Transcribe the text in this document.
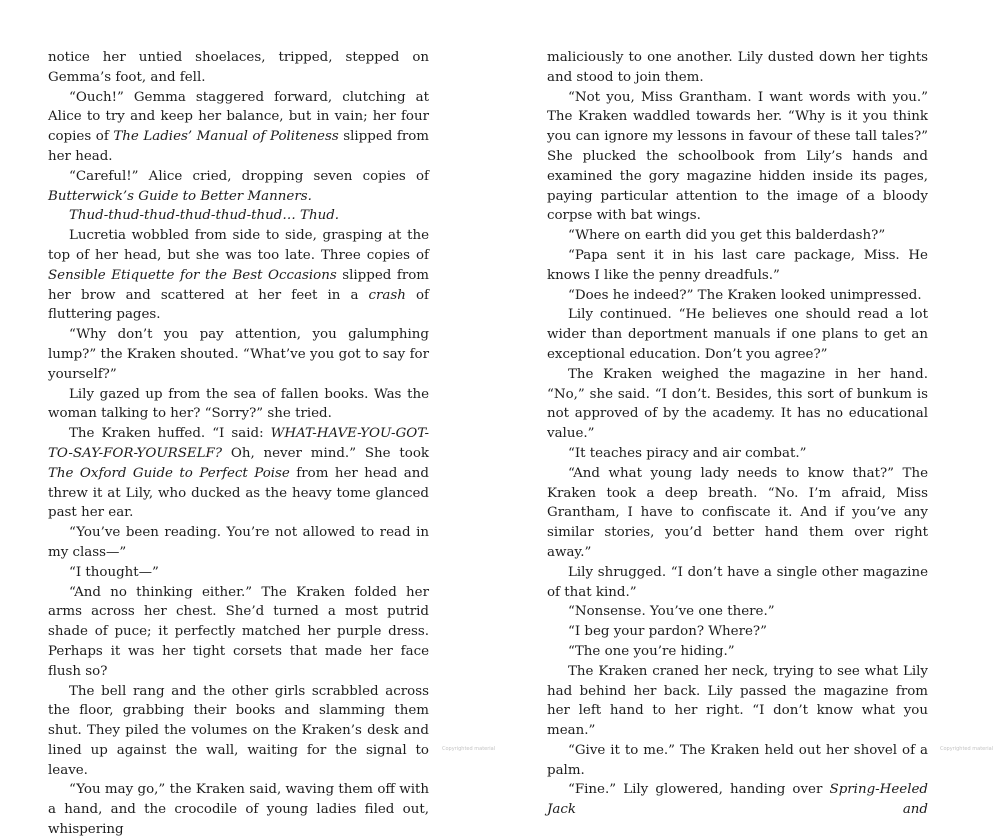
notice her untied shoelaces, tripped, stepped on Gemma’s foot, and fell.

“Ouch!” Gemma staggered forward, clutching at Alice to try and keep her balance, but in vain; her four copies of The Ladies’ Manual of Politeness slipped from her head.

“Careful!” Alice cried, dropping seven copies of Butterwick’s Guide to Better Manners.

Thud-thud-thud-thud-thud-thud… Thud.

Lucretia wobbled from side to side, grasping at the top of her head, but she was too late. Three copies of Sensible Etiquette for the Best Occasions slipped from her brow and scattered at her feet in a crash of fluttering pages.

“Why don’t you pay attention, you galumphing lump?” the Kraken shouted. “What’ve you got to say for yourself?”

Lily gazed up from the sea of fallen books. Was the woman talking to her? “Sorry?” she tried.

The Kraken huffed. “I said: WHAT-HAVE-YOU-GOT-TO-SAY-FOR-YOURSELF? Oh, never mind.” She took The Oxford Guide to Perfect Poise from her head and threw it at Lily, who ducked as the heavy tome glanced past her ear.

“You’ve been reading. You’re not allowed to read in my class—”

“I thought—”

“And no thinking either.” The Kraken folded her arms across her chest. She’d turned a most putrid shade of puce; it perfectly matched her purple dress. Perhaps it was her tight corsets that made her face flush so?

The bell rang and the other girls scrabbled across the floor, grabbing their books and slamming them shut. They piled the volumes on the Kraken’s desk and lined up against the wall, waiting for the signal to leave.

“You may go,” the Kraken said, waving them off with a hand, and the crocodile of young ladies filed out, whispering

maliciously to one another. Lily dusted down her tights and stood to join them.

“Not you, Miss Grantham. I want words with you.” The Kraken waddled towards her. “Why is it you think you can ignore my lessons in favour of these tall tales?” She plucked the schoolbook from Lily’s hands and examined the gory magazine hidden inside its pages, paying particular attention to the image of a bloody corpse with bat wings.

“Where on earth did you get this balderdash?”

“Papa sent it in his last care package, Miss. He knows I like the penny dreadfuls.”

“Does he indeed?” The Kraken looked unimpressed.

Lily continued. “He believes one should read a lot wider than deportment manuals if one plans to get an exceptional education. Don’t you agree?”

The Kraken weighed the magazine in her hand. “No,” she said. “I don’t. Besides, this sort of bunkum is not approved of by the academy. It has no educational value.”

“It teaches piracy and air combat.”

“And what young lady needs to know that?” The Kraken took a deep breath. “No. I’m afraid, Miss Grantham, I have to confiscate it. And if you’ve any similar stories, you’d better hand them over right away.”

Lily shrugged. “I don’t have a single other magazine of that kind.”

“Nonsense. You’ve one there.”

“I beg your pardon? Where?”

“The one you’re hiding.”

The Kraken craned her neck, trying to see what Lily had behind her back. Lily passed the magazine from her left hand to her right. “I don’t know what you mean.”

“Give it to me.” The Kraken held out her shovel of a palm.

“Fine.” Lily glowered, handing over Spring-Heeled Jack and

Copyrighted material	Copyrighted material
